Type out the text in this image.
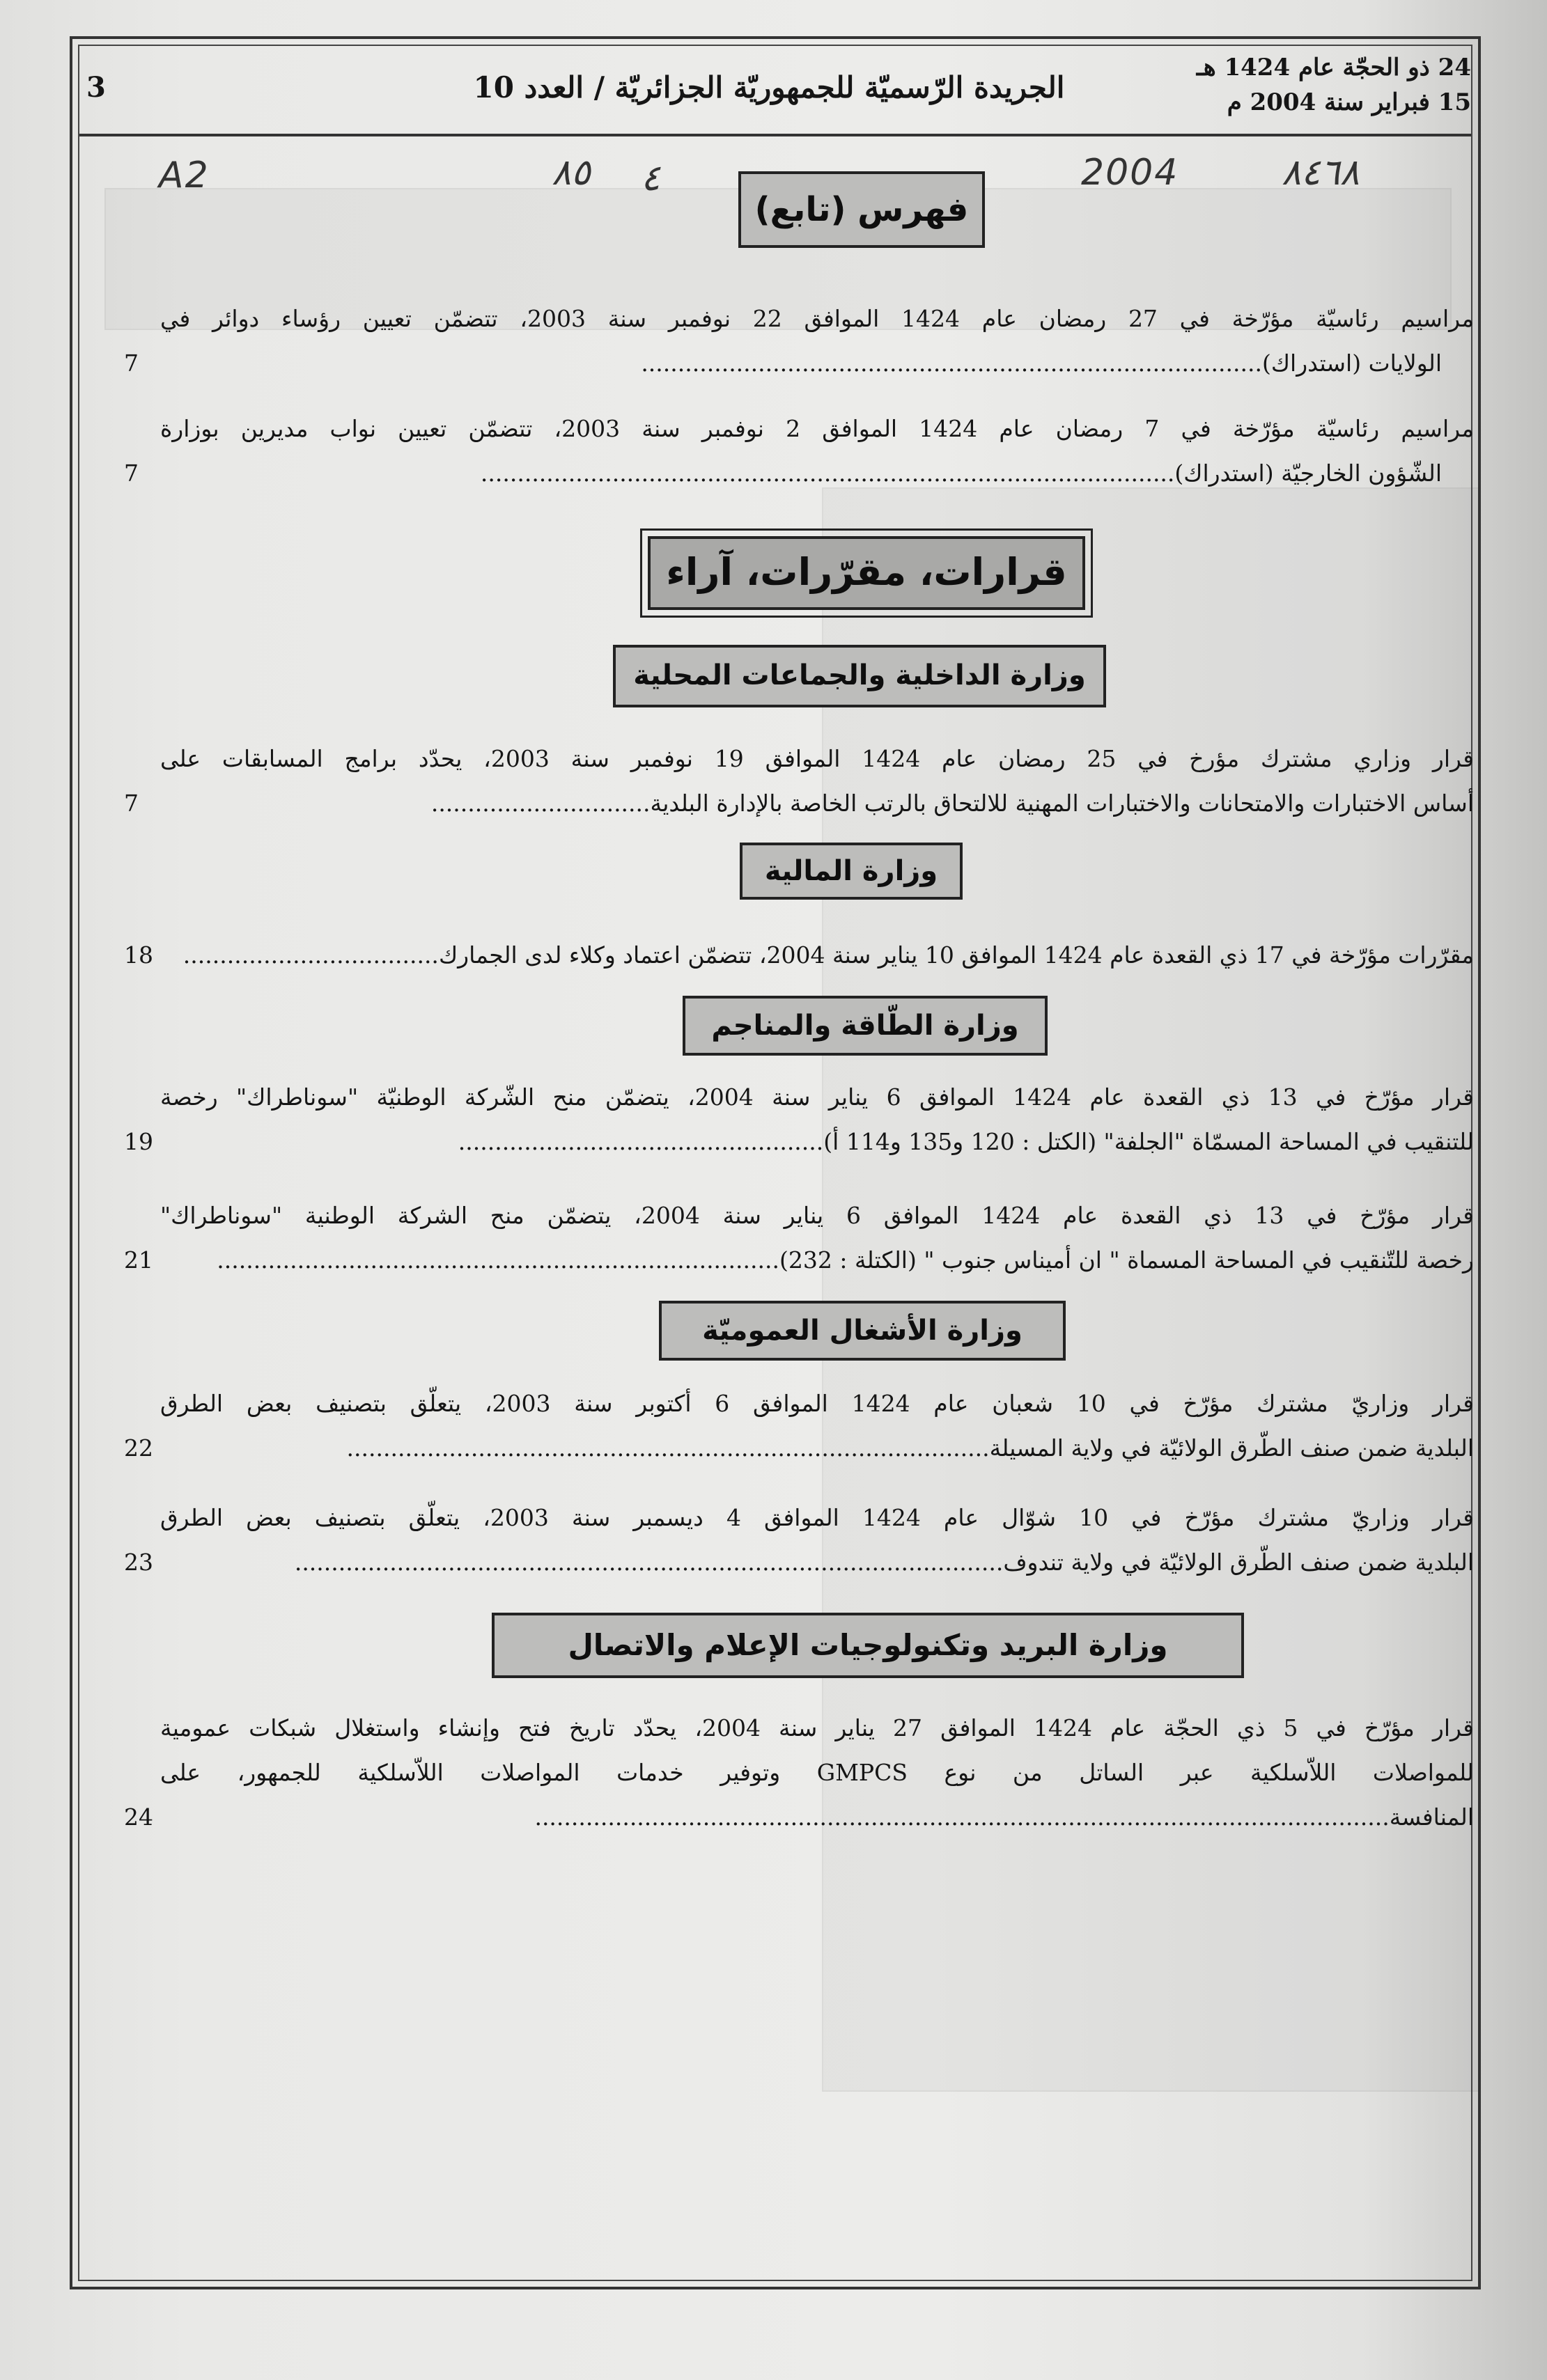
24 ذو الحجّة عام 1424 هـ
15 فبراير سنة 2004 م
الجريدة الرّسميّة للجمهوريّة الجزائريّة / العدد 10
3
A2	٨٥ ٤	2004	٨٤٦٨
فهرس (تابع)
مراسيم رئاسيّة مؤرّخة في 27 رمضان عام 1424 الموافق 22 نوفمبر سنة 2003، تتضمّن تعيين رؤساء دوائر في
الولايات (استدراك).....................................................................................
7
مراسيم رئاسيّة مؤرّخة في 7 رمضان عام 1424 الموافق 2 نوفمبر سنة 2003، تتضمّن تعيين نواب مديرين بوزارة
الشّؤون الخارجيّة (استدراك)...............................................................................................
7
قرارات، مقرّرات، آراء
وزارة الداخلية والجماعات المحلية
قرار وزاري مشترك مؤرخ في 25 رمضان عام 1424 الموافق 19 نوفمبر سنة 2003، يحدّد برامج المسابقات على
أساس الاختبارات والامتحانات والاختبارات المهنية للالتحاق بالرتب الخاصة بالإدارة البلدية..............................
7
وزارة المالية
مقرّرات مؤرّخة في 17 ذي القعدة عام 1424 الموافق 10 يناير سنة 2004، تتضمّن اعتماد وكلاء لدى الجمارك...................................
18
وزارة الطّاقة والمناجم
قرار مؤرّخ في 13 ذي القعدة عام 1424 الموافق 6 يناير سنة 2004، يتضمّن منح الشّركة الوطنيّة "سوناطراك" رخصة
للتنقيب في المساحة المسمّاة "الجلفة" (الكتل : 120 و135 و114 أ)..................................................
19
قرار مؤرّخ في 13 ذي القعدة عام 1424 الموافق 6 يناير سنة 2004، يتضمّن منح الشركة الوطنية "سوناطراك"
رخصة للتّنقيب في المساحة المسماة " ان أميناس جنوب " (الكتلة : 232).............................................................................
21
وزارة الأشغال العموميّة
قرار وزاريّ مشترك مؤرّخ في 10 شعبان عام 1424 الموافق 6 أكتوبر سنة 2003، يتعلّق بتصنيف بعض الطرق
البلدية ضمن صنف الطّرق الولائيّة في ولاية المسيلة........................................................................................
22
قرار وزاريّ مشترك مؤرّخ في 10 شوّال عام 1424 الموافق 4 ديسمبر سنة 2003، يتعلّق بتصنيف بعض الطرق
البلدية ضمن صنف الطّرق الولائيّة في ولاية تندوف.................................................................................................
23
وزارة البريد وتكنولوجيات الإعلام والاتصال
قرار مؤرّخ في 5 ذي الحجّة عام 1424 الموافق 27 يناير سنة 2004، يحدّد تاريخ فتح وإنشاء واستغلال شبكات عمومية
للمواصلات اللاّسلكية عبر الساتل من نوع GMPCS وتوفير خدمات المواصلات اللاّسلكية للجمهور، على
المنافسة.....................................................................................................................
24
